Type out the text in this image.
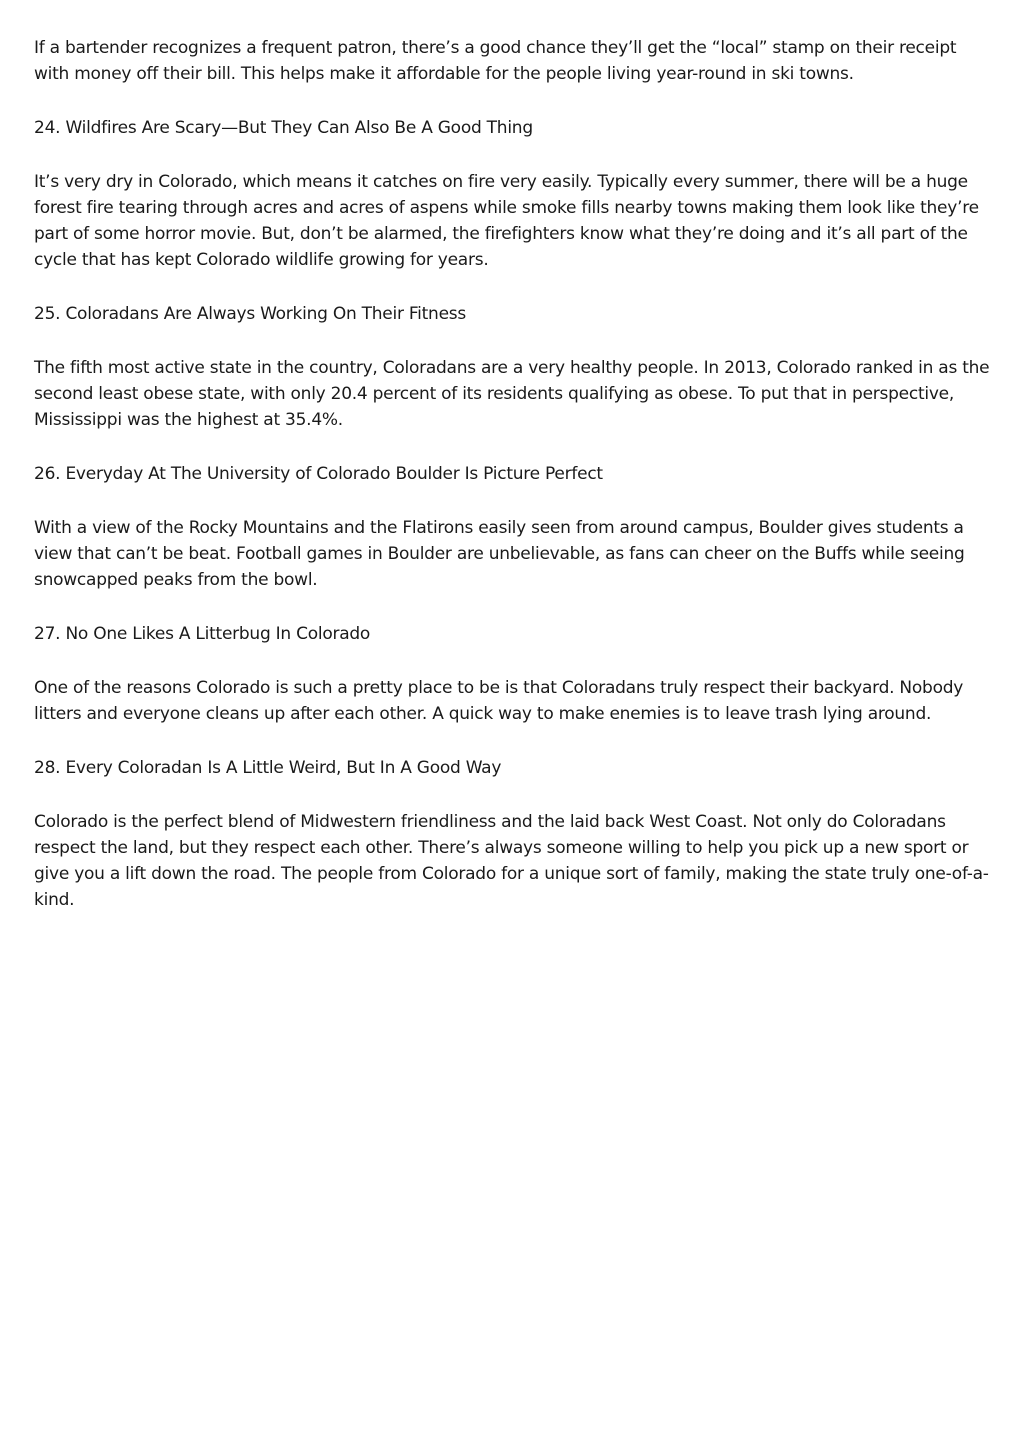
If a bartender recognizes a frequent patron, there’s a good chance they’ll get the “local” stamp on their receipt with money off their bill. This helps make it affordable for the people living year-round in ski towns.

24. Wildfires Are Scary—But They Can Also Be A Good Thing

It’s very dry in Colorado, which means it catches on fire very easily. Typically every summer, there will be a huge forest fire tearing through acres and acres of aspens while smoke fills nearby towns making them look like they’re part of some horror movie. But, don’t be alarmed, the firefighters know what they’re doing and it’s all part of the cycle that has kept Colorado wildlife growing for years.

25. Coloradans Are Always Working On Their Fitness

The fifth most active state in the country, Coloradans are a very healthy people. In 2013, Colorado ranked in as the second least obese state, with only 20.4 percent of its residents qualifying as obese. To put that in perspective, Mississippi was the highest at 35.4%.

26. Everyday At The University of Colorado Boulder Is Picture Perfect

With a view of the Rocky Mountains and the Flatirons easily seen from around campus, Boulder gives students a view that can’t be beat. Football games in Boulder are unbelievable, as fans can cheer on the Buffs while seeing snowcapped peaks from the bowl.

27. No One Likes A Litterbug In Colorado

One of the reasons Colorado is such a pretty place to be is that Coloradans truly respect their backyard. Nobody litters and everyone cleans up after each other. A quick way to make enemies is to leave trash lying around.

28. Every Coloradan Is A Little Weird, But In A Good Way

Colorado is the perfect blend of Midwestern friendliness and the laid back West Coast. Not only do Coloradans respect the land, but they respect each other. There’s always someone willing to help you pick up a new sport or give you a lift down the road. The people from Colorado for a unique sort of family, making the state truly one-of-a-kind.
